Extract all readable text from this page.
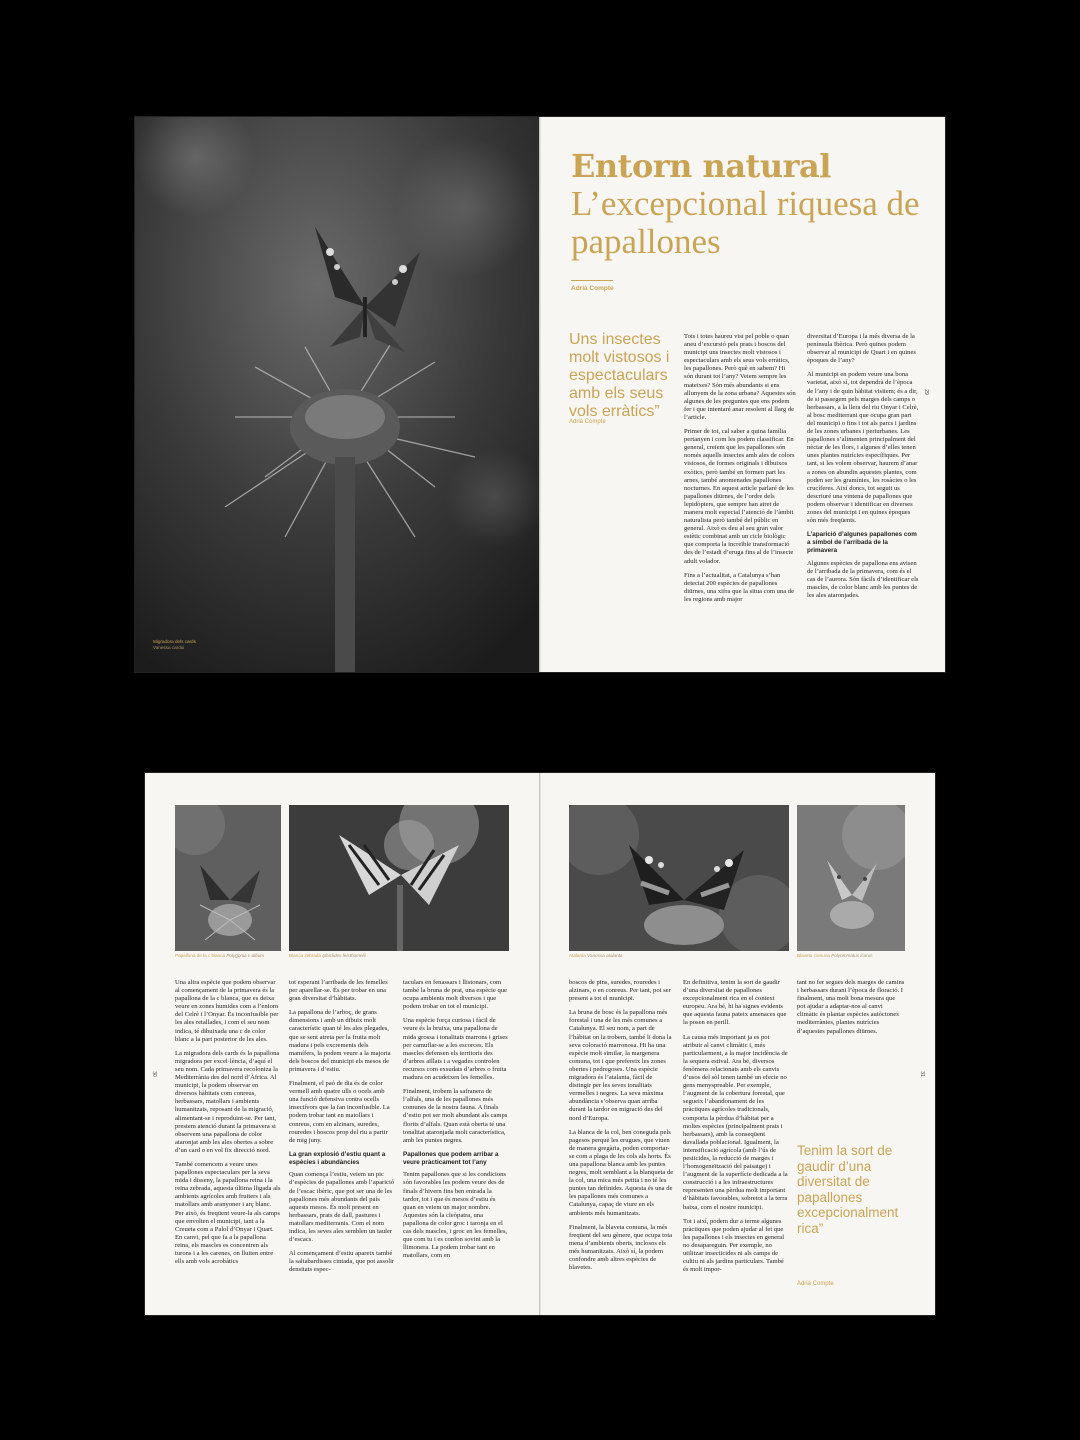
Migradora dels cards
Vanessa cardui
Entorn natural
L’excepcional riquesa de papallones
Adrià Compte
Uns insectes molt vistosos i espectaculars amb els seus vols erràtics”
Adrià Compte

Tots i totes haureu vist pel poble o quan aneu d’excursió pels prats i boscos del municipi uns insectes molt vistosos i espectaculars amb els seus vols erràtics, les papallones. Però què en sabem? Hi són durant tot l’any? Veiem sempre les mateixes? Són més abundants si ens allunyem de la zona urbana? Aquestes són algunes de les preguntes que ens podem fer i que intentaré anar resolent al llarg de l’article.

Primer de tot, cal saber a quina família pertanyen i com les podem classificar. En general, creiem que les papallones són només aquells insectes amb ales de colors vistosos, de formes originals i dibuixos exòtics, però també en formen part les arnes, també anomenades papallones nocturnes. En aquest article parlaré de les papallones diürnes, de l’ordre dels lepidòpters, que sempre han atret de manera molt especial l’atenció de l’àmbit naturalista però també del públic en general. Això es deu al seu gran valor estètic combinat amb un cicle biològic que comporta la increïble transformació des de l’estadi d’eruga fins al de l’insecte adult volador.

Fins a l’actualitat, a Catalunya s’han detectat 200 espècies de papallones diürnes, una xifra que la situa com una de les regions amb major

diversitat d’Europa i la més diversa de la península Ibèrica. Però quines podem observar al municipi de Quart i en quines èpoques de l’any?

Al municipi en podem veure una bona varietat, això sí, tot dependrà de l’època de l’any i de quin hàbitat visitem; és a dir, de si passegem pels marges dels camps o herbassars, a la llera del riu Onyar i Celrè, al bosc mediterrani que ocupa gran part del municipi o fins i tot als parcs i jardins de les zones urbanes i periurbanes. Les papallones s’alimenten principalment del nèctar de les flors, i algunes d’elles tenen unes plantes nutrícies específiques. Per tant, si les volem observar, haurem d’anar a zones on abundin aquestes plantes, com poden ser les gramínies, les rosàcies o les crucíferes. Així doncs, tot seguit us descriuré una vintena de papallones que podem observar i identificar en diverses zones del municipi i en quines èpoques són més freqüents.

L’aparició d’algunes papallones com a símbol de l’arribada de la primavera

Algunes espècies de papallona ens avisen de l’arribada de la primavera, com és el cas de l’aurora. Són fàcils d’identificar els mascles, de color blanc amb les puntes de les ales ataronjades.

29
Papallona de la c blanca Polygonia c-album	Blanca zebrada Iphiclides feisthamelii

Una altra espècie que podem observar al començament de la primavera és la papallona de la c blanca, que es deixa veure en zones humides com a l’entorn del Celrè i l’Onyar. És inconfusible per les ales retallades, i com el seu nom indica, té dibuixada una c de color blanc a la part posterior de les ales.

La migradora dels cards és la papallona migradora per excel·lència, d’aquí el seu nom. Cada primavera recoloniza la Mediterrània des del nord d’Àfrica. Al municipi, la podem observar en diversos hàbitats com conreus, herbassars, matollars i ambients humanitzats, reposant de la migració, alimentant-se i reproduint-se. Per tant, prestem atenció durant la primavera si observem una papallona de color ataronjat amb les ales obertes a sobre d’un card o en vol fix direcció nord.

També comencem a veure unes papallones espectaculars per la seva mida i disseny, la papallona reina i la reina zebrada, aquesta última lligada als ambients agrícoles amb fruiters i als matollars amb aranyoner i arç blanc. Per això, és freqüent veure-la als camps que envolten el municipi, tant a la Creueta com a Palol d’Onyar i Quart. En canvi, pel que fa a la papallona reina, els mascles es concentren als turons i a les carenes, on lluiten entre ells amb vols acrobàtics

tot esperant l’arribada de les femelles per aparellar-se. És per trobar en una gran diversitat d’hàbitats.

La papallona de l’arboç, de grans dimensions i amb un dibuix molt característic quan té les ales plegades, que se sent atreta per la fruita molt madura i pels excrements dels mamífers, la podem veure a la majoria dels boscos del municipi els mesos de primavera i d’estiu.

Finalment, el paó de dia és de color vermell amb quatre ulls o ocels amb una funció defensiva contra ocells insectívors que la fan inconfusible. La podem trobar tant en matollars i conreus, com en alzinars, suredes, rouredes i boscos prop del riu a partir de mig juny.

La gran explosió d’estiu quant a espècies i abundàncies

Quan comença l’estiu, veiem un pic d’espècies de papallones amb l’aparició de l’escac ibèric, que pot ser una de les papallones més abundants del país aquests mesos. És molt present en herbassars, prats de dall, pastures i matollars mediterranis. Com el nom indica, les seves ales semblen un tauler d’escacs.

Al començament d’estiu apareix també la saltabardisses cintada, que pot assolir densitats espec-

taculars en fenassars i llistonars, com també la bruna de prat, una espècie que ocupa ambients molt diversos i que podem trobar en tot el municipi.

Una espècie força curiosa i fàcil de veure és la bruixa, una papallona de mida grossa i tonalitats marrons i grises per camuflar-se a les escorces. Els mascles defensen els territoris des d’arbres aïllats i a vegades controlen recursos com exsudats d’arbres o fruita madura on acudeixen les femelles.

Finalment, trobem la safranera de l’alfals, una de les papallones més comunes de la nostra fauna. A finals d’estiu pot ser molt abundant als camps florits d’alfals. Quan està oberta té una tonalitat ataronjada molt característica, amb les puntes negres.

Papallones que podem arribar a veure pràcticament tot l’any

Tenim papallones que si les condicions són favorables les podem veure des de finals d’hivern fins ben entrada la tardor, tot i que és mesos d’estiu és quan en veiem un major nombre. Aquestes són la cleòpatra, una papallona de color groc i taronja en el cas dels mascles, i groc en les femelles, que com tu i es confon sovint amb la llimonera. La podem trobar tant en matollars, com en

30
Atalanta Vanessa atalanta	Blaveta comuna Polyommatus icarus

boscos de pins, suredes, rouredes i alzinars, o en conreus. Per tant, pot ser present a tot el municipi.

La bruna de bosc és la papallona més forestal i una de les més comunes a Catalunya. El seu nom, a part de l’hàbitat on la trobem, també li dona la seva coloració marronosa. Hi ha una espècie molt similar, la margenera comuna, tot i que prefereix les zones obertes i pedregoses. Una espècie migradora és l’atalanta, fàcil de distingir per les seves tonalitats vermelles i negres. La seva màxima abundància s’observa quan arriba durant la tardor en migració des del nord d’Europa.

La blanca de la col, ben coneguda pels pagesos perquè les erugues, que viuen de manera gregària, poden comportar-se com a plaga de les cols als horts. És una papallona blanca amb les puntes negres, molt semblant a la blanqueta de la col, una mica més petita i no té les puntes tan definides. Aquesta és una de les papallones més comunes a Catalunya, capaç de viure en els ambients més humanitzats.

Finalment, la blaveta comuna, la més freqüent del seu gènere, que ocupa tota mena d’ambients oberts, inclosos els més humanitzats. Això sí, la podem confondre amb altres espècies de blavetes.

En definitiva, tenim la sort de gaudir d’una diversitat de papallones excepcionalment rica en el context europeu. Ara bé, hi ha signes evidents que aquesta fauna pateix amenaces que la posen en perill.

La causa més important ja es pot atribuir al canvi climàtic i, més particularment, a la major incidència de la sequera estival. Ara bé, diversos fenòmens relacionats amb els canvis d’usos del sòl tenen també un efecte no gens menyspreable. Per exemple, l’augment de la cobertura forestal, que segueix l’abandonament de les pràctiques agrícoles tradicionals, comporta la pèrdua d’hàbitat per a moltes espècies (principalment prats i herbassars), amb la conseqüent davallada poblacional. Igualment, la intensificació agrícola (amb l’ús de pesticides, la reducció de marges i l’homogeneïtzació del paisatge) i l’augment de la superfície dedicada a la construcció i a les infraestructures representen una pèrdua molt important d’hàbitats favorables, sobretot a la terra baixa, com el nostre municipi.

Tot i així, podem dur a terme algunes pràctiques que poden ajudar al fet que les papallones i els insectes en general no desapareguin. Per exemple, no utilitzar insecticides ni als camps de cultiu ni als jardins particulars. També és molt impor-

tant no fer segues dels marges de camins i herbassars durant l’època de floració. I finalment, una molt bona mesura que pot ajudar a adaptar-nos al canvi climàtic és plantar espècies autòctones mediterrànies, plantes nutrícies d’aquestes papallones diürnes.

Tenim la sort de gaudir d’una diversitat de papallones excepcionalment rica”
Adrià Compte
31
